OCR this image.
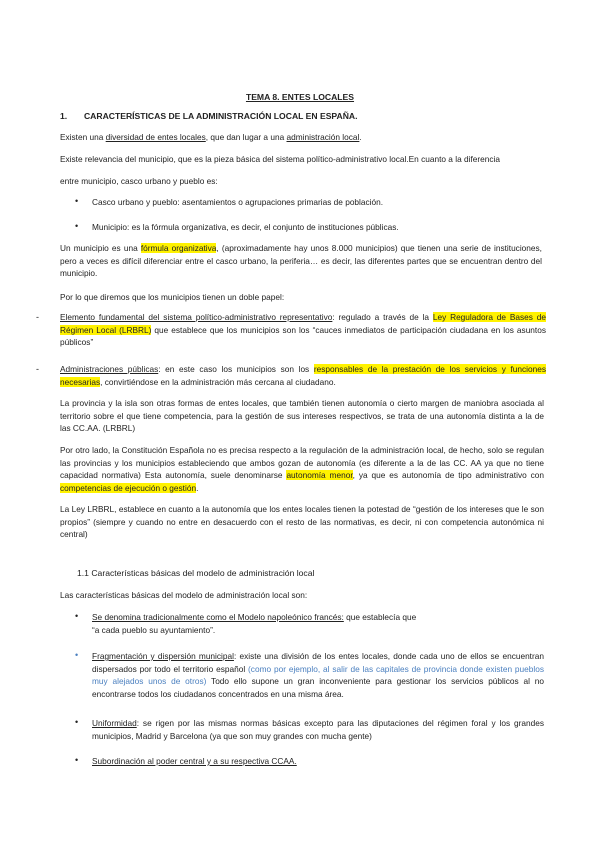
TEMA 8. ENTES LOCALES
1. CARACTERÍSTICAS DE LA ADMINISTRACIÓN LOCAL EN ESPAÑA.
Existen una diversidad de entes locales, que dan lugar a una administración local.
Existe relevancia del municipio, que es la pieza básica del sistema político-administrativo local.En cuanto a la diferencia
entre municipio, casco urbano y pueblo es:
• Casco urbano y pueblo: asentamientos o agrupaciones primarias de población.
• Municipio: es la fórmula organizativa, es decir, el conjunto de instituciones públicas.
Un municipio es una fórmula organizativa, (aproximadamente hay unos 8.000 municipios) que tienen una serie de instituciones, pero a veces es difícil diferenciar entre el casco urbano, la periferia… es decir, las diferentes partes que se encuentran dentro del municipio.
Por lo que diremos que los municipios tienen un doble papel:
-	Elemento fundamental del sistema político-administrativo representativo: regulado a través de la Ley Reguladora de Bases de Régimen Local (LRBRL) que establece que los municipios son los “cauces inmediatos de participación ciudadana en los asuntos públicos”
-	Administraciones públicas: en este caso los municipios son los responsables de la prestación de los servicios y funciones necesarias, convirtiéndose en la administración más cercana al ciudadano.
La provincia y la isla son otras formas de entes locales, que también tienen autonomía o cierto margen de maniobra asociada al territorio sobre el que tiene competencia, para la gestión de sus intereses respectivos, se trata de una autonomía distinta a la de las CC.AA. (LRBRL)
Por otro lado, la Constitución Española no es precisa respecto a la regulación de la administración local, de hecho, solo se regulan las provincias y los municipios estableciendo que ambos gozan de autonomía (es diferente a la de las CC. AA ya que no tiene capacidad normativa) Esta autonomía, suele denominarse autonomía menor, ya que es autonomía de tipo administrativo con competencias de ejecución o gestión.
La Ley LRBRL, establece en cuanto a la autonomía que los entes locales tienen la potestad de “gestión de los intereses que le son propios” (siempre y cuando no entre en desacuerdo con el resto de las normativas, es decir, ni con competencia autonómica ni central)
1.1 Características básicas del modelo de administración local
Las características básicas del modelo de administración local son:
• Se denomina tradicionalmente como el Modelo napoleónico francés: que establecía que
“a cada pueblo su ayuntamiento”.
• Fragmentación y dispersión municipal: existe una división de los entes locales, donde cada uno de ellos se encuentran dispersados por todo el territorio español (como por ejemplo, al salir de las capitales de provincia donde existen pueblos muy alejados unos de otros) Todo ello supone un gran inconveniente para gestionar los servicios públicos al no encontrarse todos los ciudadanos concentrados en una misma área.
• Uniformidad: se rigen por las mismas normas básicas excepto para las diputaciones del régimen foral y los grandes municipios, Madrid y Barcelona (ya que son muy grandes con mucha gente)
• Subordinación al poder central y a su respectiva CCAA.
